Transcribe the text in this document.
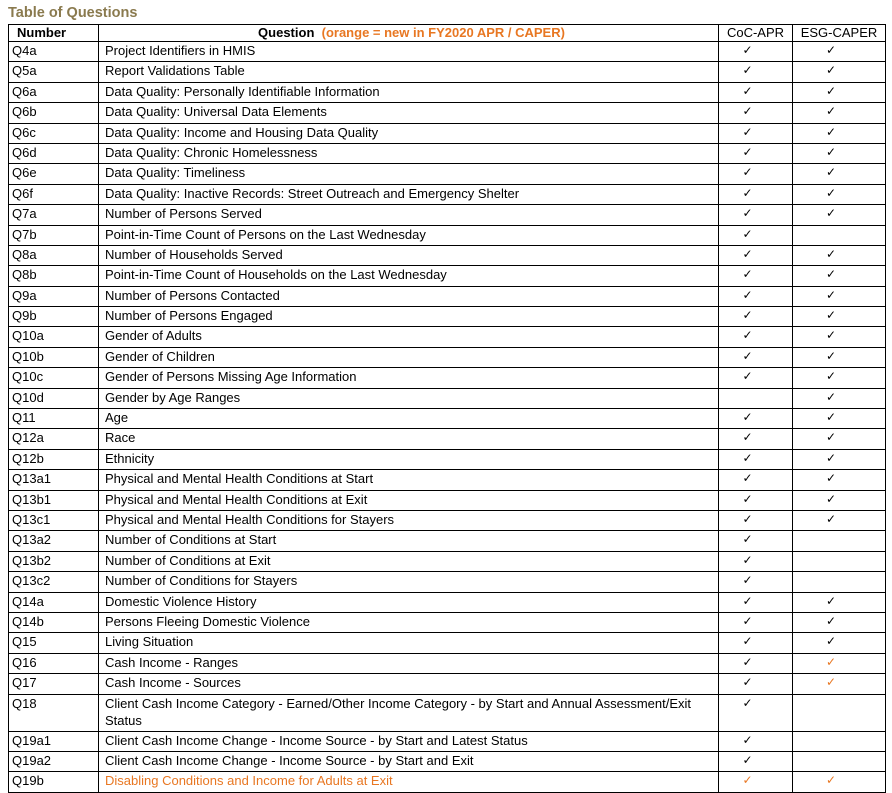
Table of Questions
Number	Question (orange = new in FY2020 APR / CAPER)	CoC-APR	ESG-CAPER
Q4a	Project Identifiers in HMIS	✓	✓
Q5a	Report Validations Table	✓	✓
Q6a	Data Quality: Personally Identifiable Information	✓	✓
Q6b	Data Quality: Universal Data Elements	✓	✓
Q6c	Data Quality: Income and Housing Data Quality	✓	✓
Q6d	Data Quality: Chronic Homelessness	✓	✓
Q6e	Data Quality: Timeliness	✓	✓
Q6f	Data Quality: Inactive Records: Street Outreach and Emergency Shelter	✓	✓
Q7a	Number of Persons Served	✓	✓
Q7b	Point-in-Time Count of Persons on the Last Wednesday	✓	
Q8a	Number of Households Served	✓	✓
Q8b	Point-in-Time Count of Households on the Last Wednesday	✓	✓
Q9a	Number of Persons Contacted	✓	✓
Q9b	Number of Persons Engaged	✓	✓
Q10a	Gender of Adults	✓	✓
Q10b	Gender of Children	✓	✓
Q10c	Gender of Persons Missing Age Information	✓	✓
Q10d	Gender by Age Ranges		✓
Q11	Age	✓	✓
Q12a	Race	✓	✓
Q12b	Ethnicity	✓	✓
Q13a1	Physical and Mental Health Conditions at Start	✓	✓
Q13b1	Physical and Mental Health Conditions at Exit	✓	✓
Q13c1	Physical and Mental Health Conditions for Stayers	✓	✓
Q13a2	Number of Conditions at Start	✓	
Q13b2	Number of Conditions at Exit	✓	
Q13c2	Number of Conditions for Stayers	✓	
Q14a	Domestic Violence History	✓	✓
Q14b	Persons Fleeing Domestic Violence	✓	✓
Q15	Living Situation	✓	✓
Q16	Cash Income - Ranges	✓	✓
Q17	Cash Income - Sources	✓	✓
Q18	Client Cash Income Category - Earned/Other Income Category - by Start and Annual Assessment/Exit Status	✓	
Q19a1	Client Cash Income Change - Income Source - by Start and Latest Status	✓	
Q19a2	Client Cash Income Change - Income Source - by Start and Exit	✓	
Q19b	Disabling Conditions and Income for Adults at Exit	✓	✓
